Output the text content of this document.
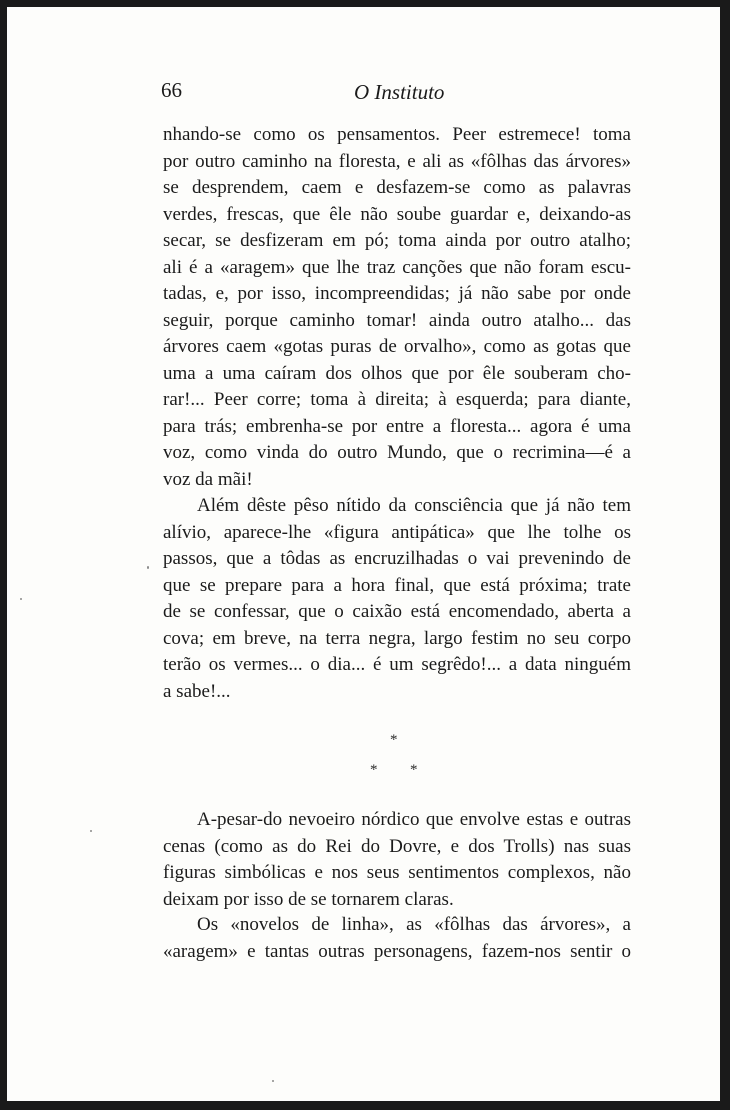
66	O Instituto
nhando-se como os pensamentos. Peer estremece! toma
por outro caminho na floresta, e ali as «fôlhas das árvores»
se desprendem, caem e desfazem-se como as palavras
verdes, frescas, que êle não soube guardar e, deixando-as
secar, se desfizeram em pó; toma ainda por outro atalho;
ali é a «aragem» que lhe traz canções que não foram escu-
tadas, e, por isso, incompreendidas; já não sabe por onde
seguir, porque caminho tomar! ainda outro atalho... das
árvores caem «gotas puras de orvalho», como as gotas que
uma a uma caíram dos olhos que por êle souberam cho-
rar!... Peer corre; toma à direita; à esquerda; para diante,
para trás; embrenha-se por entre a floresta... agora é uma
voz, como vinda do outro Mundo, que o recrimina—é a
voz da mãi!
Além dêste pêso nítido da consciência que já não tem
alívio, aparece-lhe «figura antipática» que lhe tolhe os
passos, que a tôdas as encruzilhadas o vai prevenindo de
que se prepare para a hora final, que está próxima; trate
de se confessar, que o caixão está encomendado, aberta a
cova; em breve, na terra negra, largo festim no seu corpo
terão os vermes... o dia... é um segrêdo!... a data ninguém
a sabe!...
*
* *
A-pesar-do nevoeiro nórdico que envolve estas e outras
cenas (como as do Rei do Dovre, e dos Trolls) nas suas
figuras simbólicas e nos seus sentimentos complexos, não
deixam por isso de se tornarem claras.
Os «novelos de linha», as «fôlhas das árvores», a
«aragem» e tantas outras personagens, fazem-nos sentir o
